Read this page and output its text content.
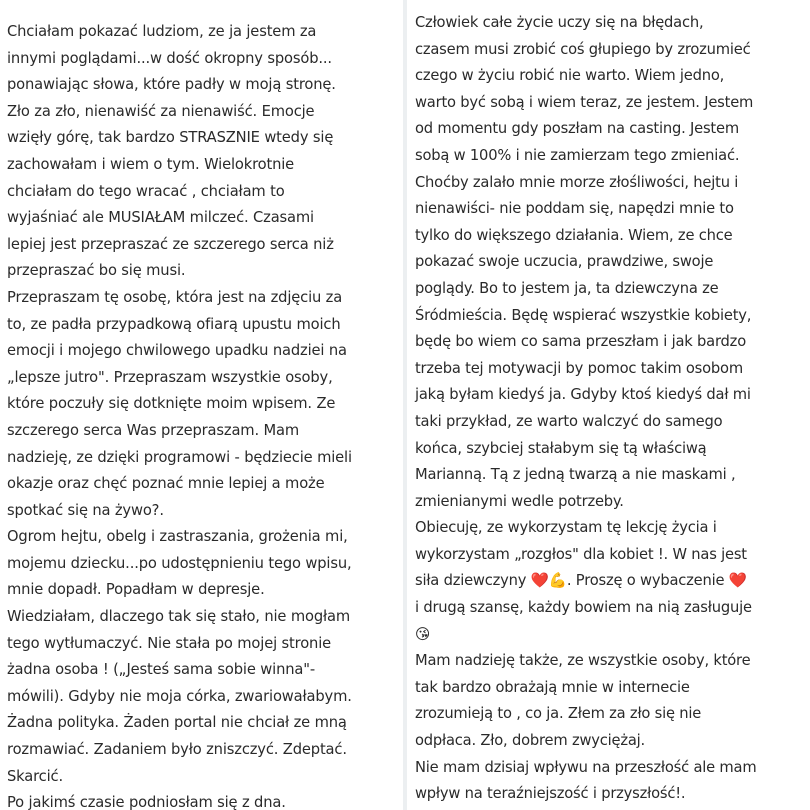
Chciałam pokazać ludziom, ze ja jestem za
innymi poglądami...w dość okropny sposób...
ponawiając słowa, które padły w moją stronę.
Zło za zło, nienawiść za nienawiść. Emocje
wzięły górę, tak bardzo STRASZNIE wtedy się
zachowałam i wiem o tym. Wielokrotnie
chciałam do tego wracać , chciałam to
wyjaśniać ale MUSIAŁAM milczeć. Czasami
lepiej jest przepraszać ze szczerego serca niż
przepraszać bo się musi.

Przepraszam tę osobę, która jest na zdjęciu za
to, ze padła przypadkową ofiarą upustu moich
emocji i mojego chwilowego upadku nadziei na
„lepsze jutro". Przepraszam wszystkie osoby,
które poczuły się dotknięte moim wpisem. Ze
szczerego serca Was przepraszam. Mam
nadzieję, ze dzięki programowi - będziecie mieli
okazje oraz chęć poznać mnie lepiej a może
spotkać się na żywo?.

Ogrom hejtu, obelg i zastraszania, grożenia mi,
mojemu dziecku...po udostępnieniu tego wpisu,
mnie dopadł. Popadłam w depresje.

Wiedziałam, dlaczego tak się stało, nie mogłam
tego wytłumaczyć. Nie stała po mojej stronie
żadna osoba ! („Jesteś sama sobie winna"-
mówili). Gdyby nie moja córka, zwariowałabym.
Żadna polityka. Żaden portal nie chciał ze mną
rozmawiać. Zadaniem było zniszczyć. Zdeptać.
Skarcić.

Po jakimś czasie podniosłam się z dna.

Człowiek całe życie uczy się na błędach,
czasem musi zrobić coś głupiego by zrozumieć
czego w życiu robić nie warto. Wiem jedno,
warto być sobą i wiem teraz, ze jestem. Jestem
od momentu gdy poszłam na casting. Jestem
sobą w 100% i nie zamierzam tego zmieniać.
Choćby zalało mnie morze złośliwości, hejtu i
nienawiści- nie poddam się, napędzi mnie to
tylko do większego działania. Wiem, ze chce
pokazać swoje uczucia, prawdziwe, swoje
poglądy. Bo to jestem ja, ta dziewczyna ze
Śródmieścia. Będę wspierać wszystkie kobiety,
będę bo wiem co sama przeszłam i jak bardzo
trzeba tej motywacji by pomoc takim osobom
jaką byłam kiedyś ja. Gdyby ktoś kiedyś dał mi
taki przykład, ze warto walczyć do samego
końca, szybciej stałabym się tą właściwą
Marianną. Tą z jedną twarzą a nie maskami ,
zmienianymi wedle potrzeby.

Obiecuję, ze wykorzystam tę lekcję życia i
wykorzystam „rozgłos" dla kobiet !. W nas jest
siła dziewczyny ❤️💪. Proszę o wybaczenie ❤️
i drugą szansę, każdy bowiem na nią zasługuje
😘

Mam nadzieję także, ze wszystkie osoby, które
tak bardzo obrażają mnie w internecie
zrozumieją to , co ja. Złem za zło się nie
odpłaca. Zło, dobrem zwyciężaj.

Nie mam dzisiaj wpływu na przeszłość ale mam
wpływ na teraźniejszość i przyszłość!.
